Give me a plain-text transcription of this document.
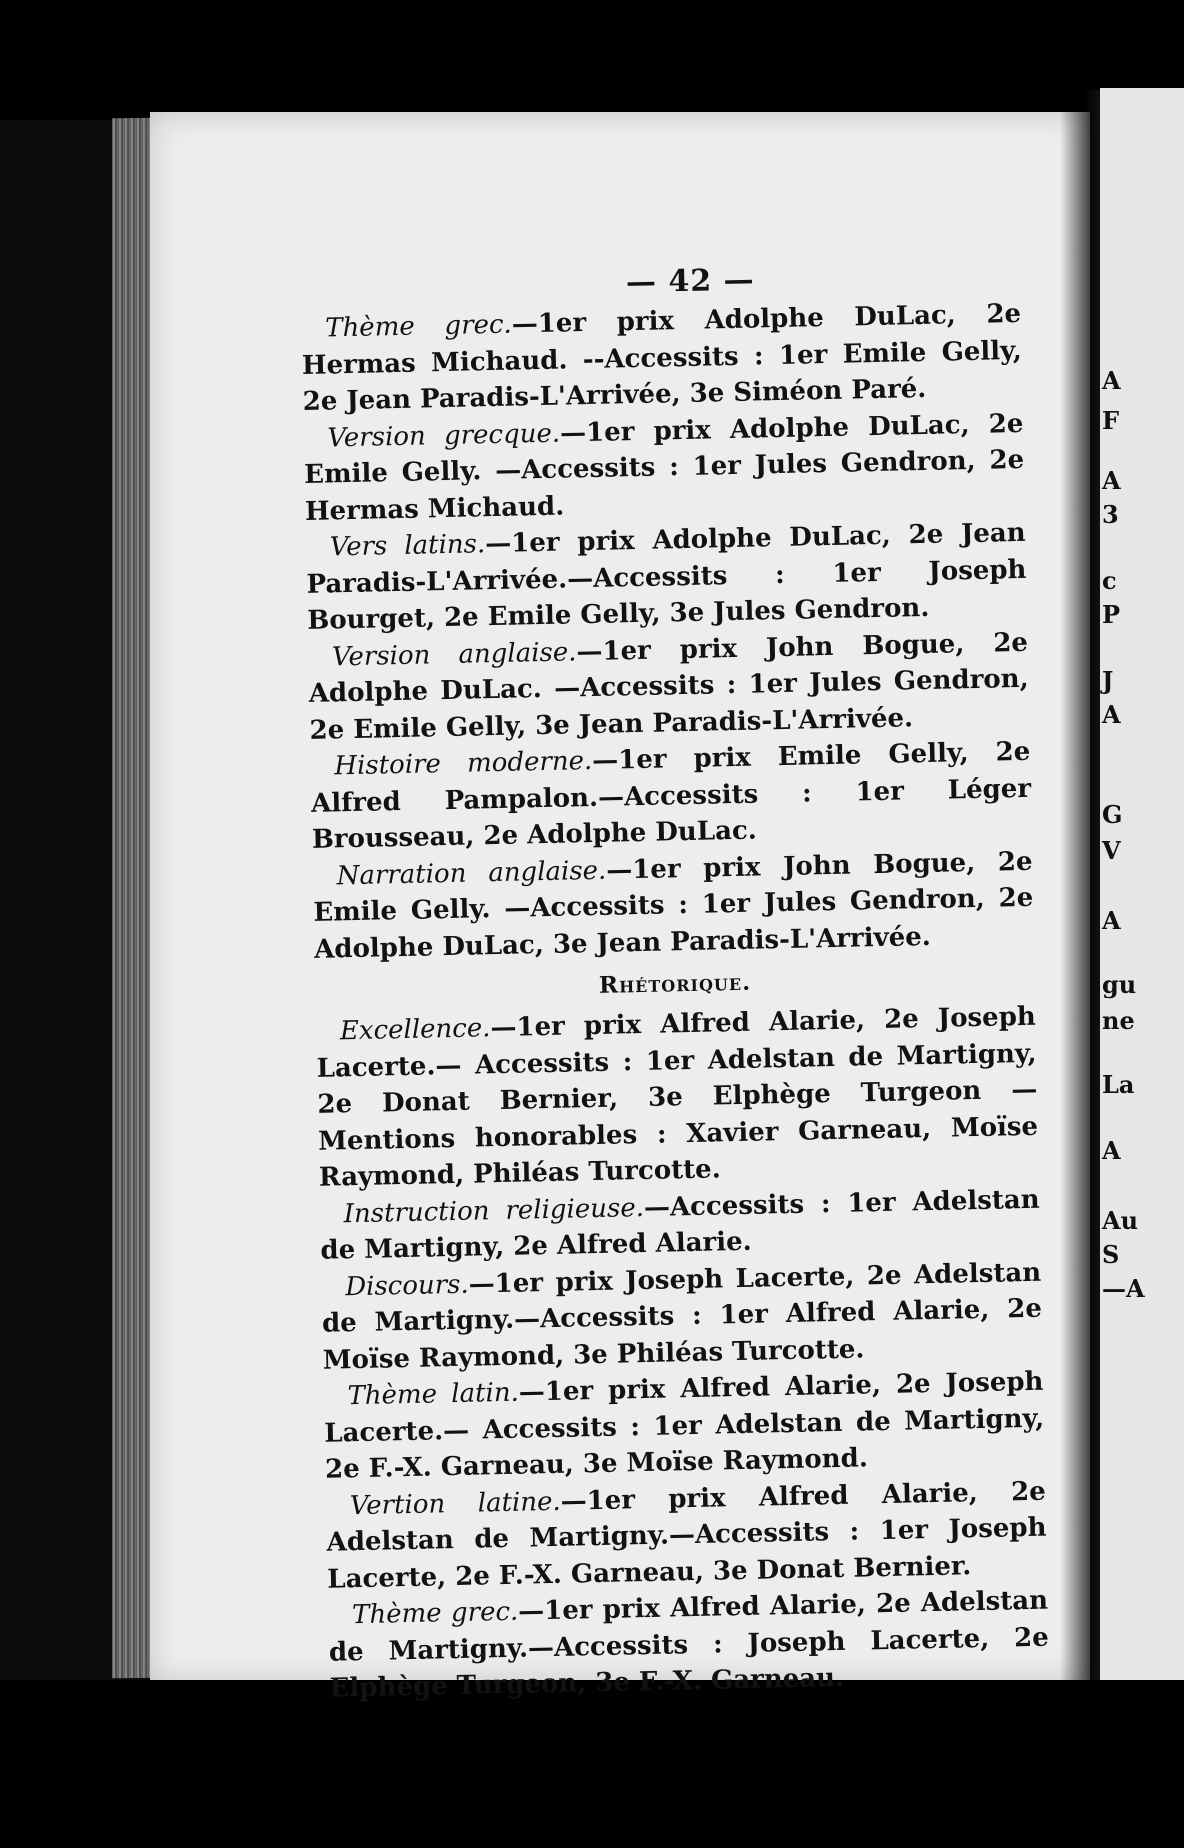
A
F
A
3
c
P
J
A
G
V
A
gu
ne
La
A
Au
S
—A
— 42 —

Thème grec.—1er prix Adolphe DuLac, 2e Hermas Michaud. --Accessits : 1er Emile Gelly, 2e Jean Paradis-L'Arrivée, 3e Siméon Paré.

Version grecque.—1er prix Adolphe DuLac, 2e Emile Gelly. —Accessits : 1er Jules Gendron, 2e Hermas Michaud.

Vers latins.—1er prix Adolphe DuLac, 2e Jean Paradis-L'Arrivée.—Accessits : 1er Joseph Bourget, 2e Emile Gelly, 3e Jules Gendron.

Version anglaise.—1er prix John Bogue, 2e Adolphe DuLac. —Accessits : 1er Jules Gendron, 2e Emile Gelly, 3e Jean Paradis-L'Arrivée.

Histoire moderne.—1er prix Emile Gelly, 2e Alfred Pampalon.—Accessits : 1er Léger Brousseau, 2e Adolphe DuLac.

Narration anglaise.—1er prix John Bogue, 2e Emile Gelly. —Accessits : 1er Jules Gendron, 2e Adolphe DuLac, 3e Jean Paradis-L'Arrivée.

Rhétorique.

Excellence.—1er prix Alfred Alarie, 2e Joseph Lacerte.— Accessits : 1er Adelstan de Martigny, 2e Donat Bernier, 3e Elphège Turgeon —Mentions honorables : Xavier Garneau, Moïse Raymond, Philéas Turcotte.

Instruction religieuse.—Accessits : 1er Adelstan de Martigny, 2e Alfred Alarie.

Discours.—1er prix Joseph Lacerte, 2e Adelstan de Martigny.—Accessits : 1er Alfred Alarie, 2e Moïse Raymond, 3e Philéas Turcotte.

Thème latin.—1er prix Alfred Alarie, 2e Joseph Lacerte.— Accessits : 1er Adelstan de Martigny, 2e F.-X. Garneau, 3e Moïse Raymond.

Vertion latine.—1er prix Alfred Alarie, 2e Adelstan de Martigny.—Accessits : 1er Joseph Lacerte, 2e F.-X. Garneau, 3e Donat Bernier.

Thème grec.—1er prix Alfred Alarie, 2e Adelstan de Martigny.—Accessits : Joseph Lacerte, 2e Elphège Turgeon, 3e F.-X. Garneau.
